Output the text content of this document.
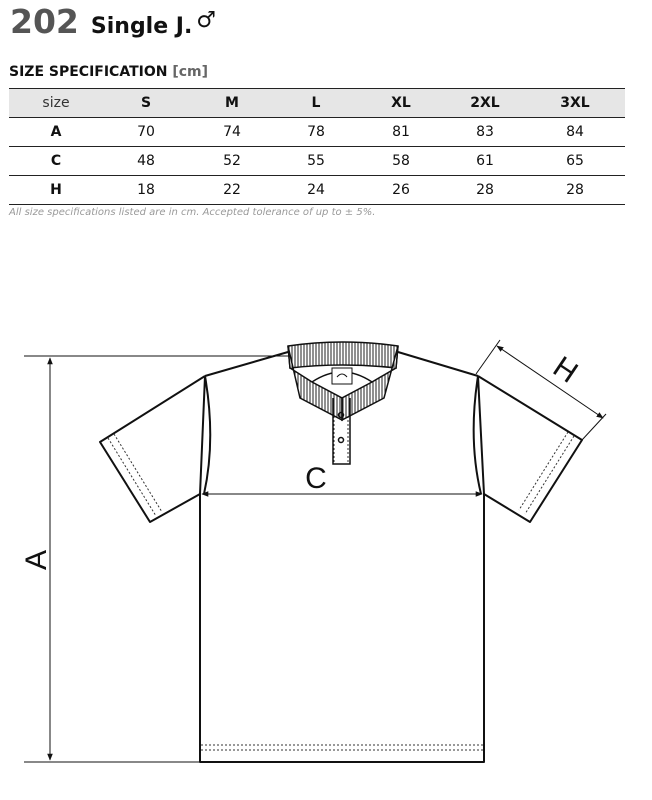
202 Single J. ♂
SIZE SPECIFICATION [cm]
size	S	M	L	XL	2XL	3XL
A	70	74	78	81	83	84
C	48	52	55	58	61	65
H	18	22	24	26	28	28
All size specifications listed are in cm. Accepted tolerance of up to ± 5%.
A
C
H
